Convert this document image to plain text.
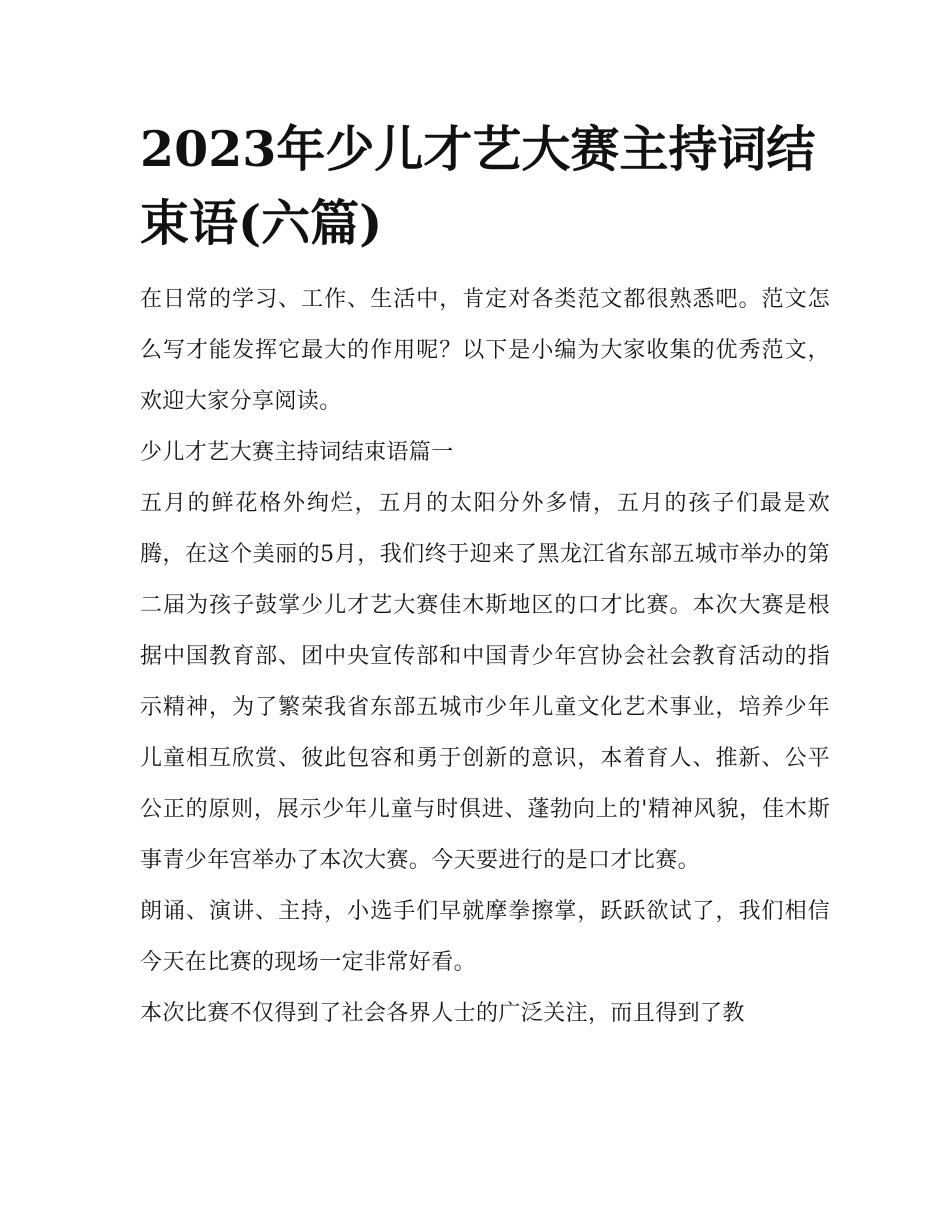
2023年少儿才艺大赛主持词结束语(六篇)

在日常的学习、工作、生活中，肯定对各类范文都很熟悉吧。范文怎么写才能发挥它最大的作用呢？以下是小编为大家收集的优秀范文，欢迎大家分享阅读。

少儿才艺大赛主持词结束语篇一

五月的鲜花格外绚烂，五月的太阳分外多情，五月的孩子们最是欢腾，在这个美丽的5月，我们终于迎来了黑龙江省东部五城市举办的第二届为孩子鼓掌少儿才艺大赛佳木斯地区的口才比赛。本次大赛是根据中国教育部、团中央宣传部和中国青少年宫协会社会教育活动的指示精神，为了繁荣我省东部五城市少年儿童文化艺术事业，培养少年儿童相互欣赏、彼此包容和勇于创新的意识，本着育人、推新、公平公正的原则，展示少年儿童与时俱进、蓬勃向上的'精神风貌，佳木斯事青少年宫举办了本次大赛。今天要进行的是口才比赛。

朗诵、演讲、主持，小选手们早就摩拳擦掌，跃跃欲试了，我们相信今天在比赛的现场一定非常好看。

本次比赛不仅得到了社会各界人士的广泛关注，而且得到了教
